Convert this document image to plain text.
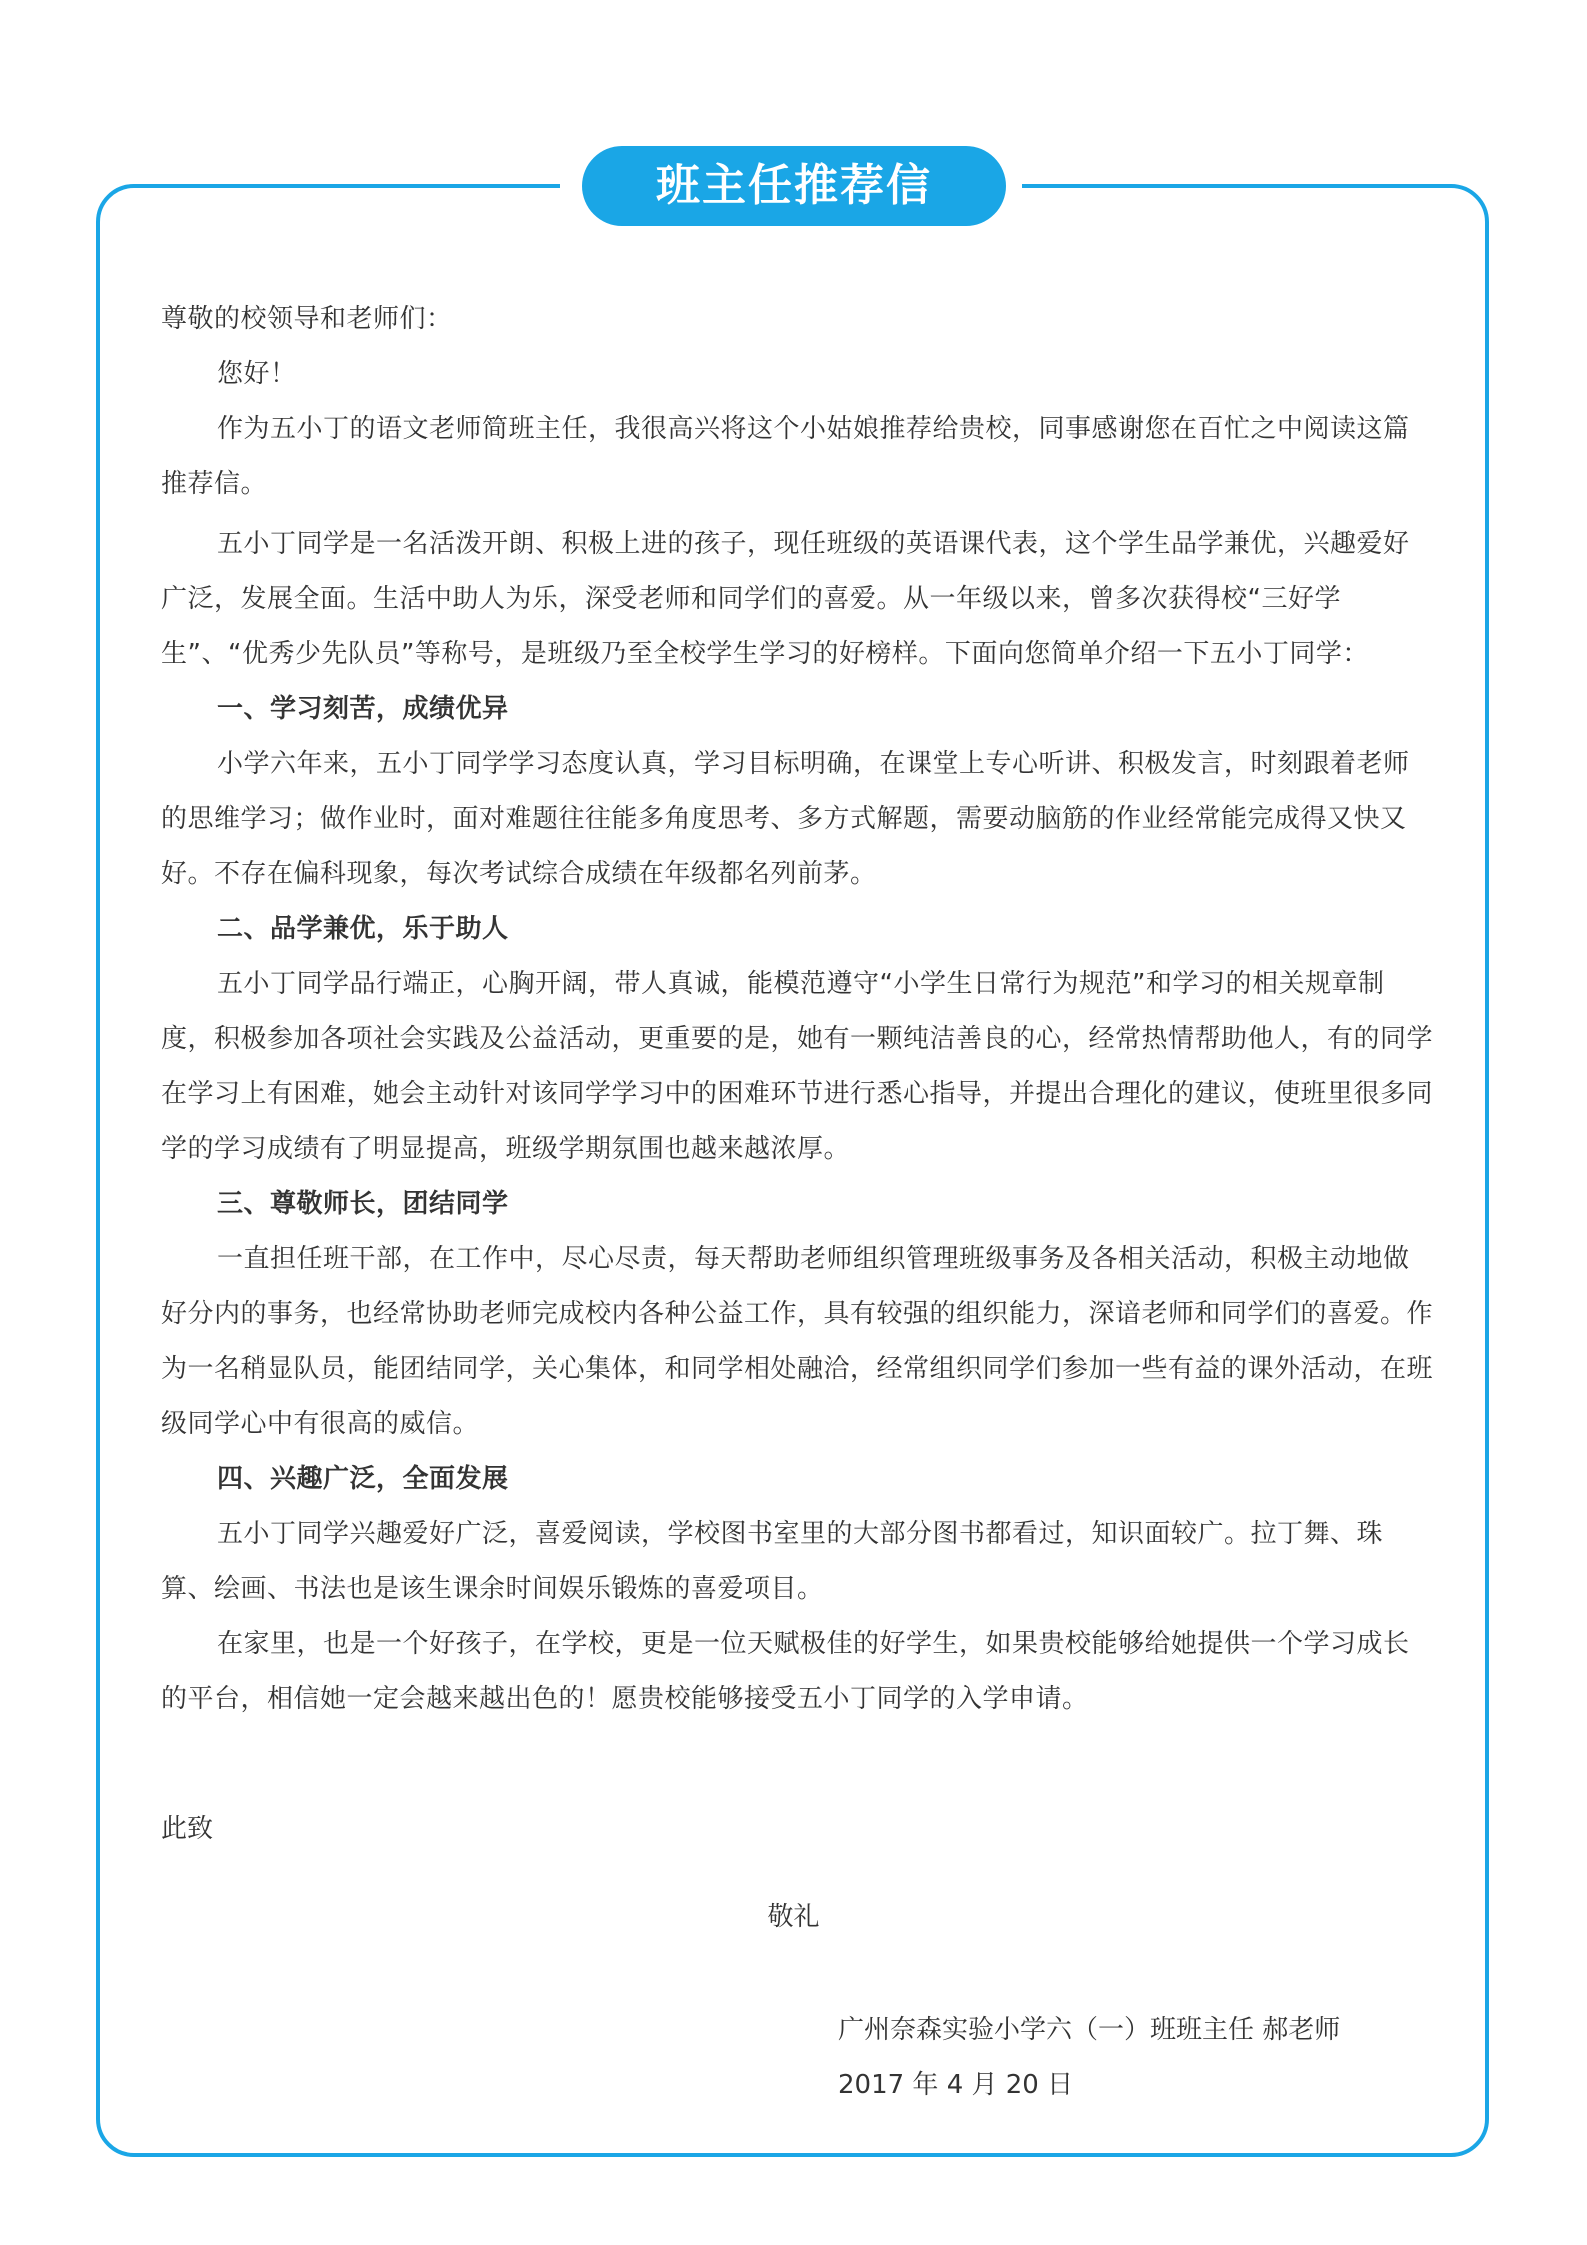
班主任推荐信

尊敬的校领导和老师们：

您好！

作为五小丁的语文老师简班主任，我很高兴将这个小姑娘推荐给贵校，同事感谢您在百忙之中阅读这篇推荐信。

五小丁同学是一名活泼开朗、积极上进的孩子，现任班级的英语课代表，这个学生品学兼优，兴趣爱好广泛，发展全面。生活中助人为乐，深受老师和同学们的喜爱。从一年级以来，曾多次获得校“三好学生”、“优秀少先队员”等称号，是班级乃至全校学生学习的好榜样。下面向您简单介绍一下五小丁同学：

一、学习刻苦，成绩优异

小学六年来，五小丁同学学习态度认真，学习目标明确，在课堂上专心听讲、积极发言，时刻跟着老师的思维学习；做作业时，面对难题往往能多角度思考、多方式解题，需要动脑筋的作业经常能完成得又快又好。不存在偏科现象，每次考试综合成绩在年级都名列前茅。

二、品学兼优，乐于助人

五小丁同学品行端正，心胸开阔，带人真诚，能模范遵守“小学生日常行为规范”和学习的相关规章制度，积极参加各项社会实践及公益活动，更重要的是，她有一颗纯洁善良的心，经常热情帮助他人，有的同学在学习上有困难，她会主动针对该同学学习中的困难环节进行悉心指导，并提出合理化的建议，使班里很多同学的学习成绩有了明显提高，班级学期氛围也越来越浓厚。

三、尊敬师长，团结同学

一直担任班干部，在工作中，尽心尽责，每天帮助老师组织管理班级事务及各相关活动，积极主动地做好分内的事务，也经常协助老师完成校内各种公益工作，具有较强的组织能力，深谙老师和同学们的喜爱。作为一名稍显队员，能团结同学，关心集体，和同学相处融洽，经常组织同学们参加一些有益的课外活动，在班级同学心中有很高的威信。

四、兴趣广泛，全面发展

五小丁同学兴趣爱好广泛，喜爱阅读，学校图书室里的大部分图书都看过，知识面较广。拉丁舞、珠算、绘画、书法也是该生课余时间娱乐锻炼的喜爱项目。

在家里，也是一个好孩子，在学校，更是一位天赋极佳的好学生，如果贵校能够给她提供一个学习成长的平台，相信她一定会越来越出色的！愿贵校能够接受五小丁同学的入学申请。

此致
敬礼

广州奈森实验小学六（一）班班主任 郝老师

2017 年 4 月 20 日
